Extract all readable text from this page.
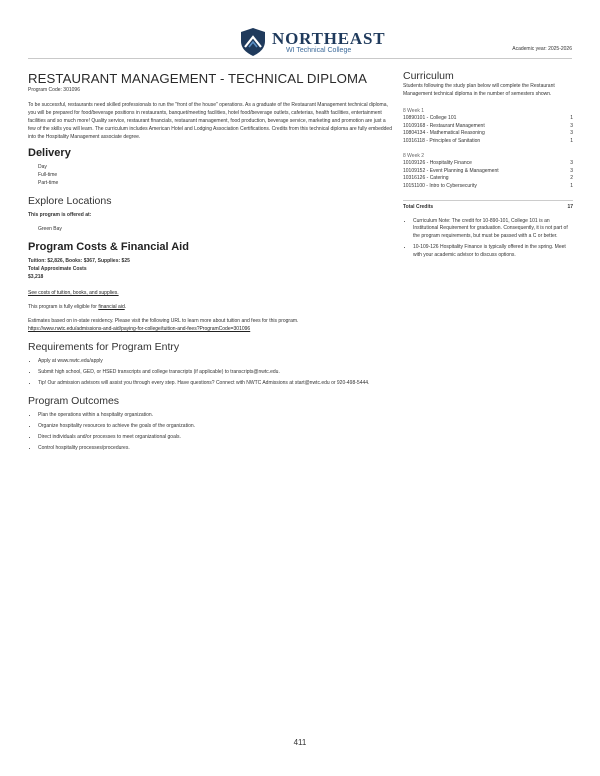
NORTHEAST
WI Technical College	Academic year: 2025-2026
RESTAURANT MANAGEMENT - TECHNICAL DIPLOMA
Program Code: 301096

To be successful, restaurants need skilled professionals to run the "front of the house" operations. As a graduate of the Restaurant Management technical diploma, you will be prepared for food/beverage positions in restaurants, banquet/meeting facilities, hotel food/beverage outlets, cafeterias, health facilities, entertainment facilities and so much more! Quality service, restaurant financials, restaurant management, food production, beverage service, marketing and promotion are just a few of the skills you will learn. The curriculum includes American Hotel and Lodging Association Certifications. Credits from this technical diploma are fully embedded into the Hospitality Management associate degree.

Delivery
Day
Full-time
Part-time
Explore Locations
This program is offered at:
Green Bay
Program Costs & Financial Aid
Tuition: $2,826, Books: $367, Supplies: $25
Total Approximate Costs
$3,218
See costs of tuition, books, and supplies.
This program is fully eligible for financial aid.
Estimates based on in-state residency. Please visit the following URL to learn more about tuition and fees for this program.
https://www.nwtc.edu/admissions-and-aid/paying-for-college/tuition-and-fees?ProgramCode=301096
Requirements for Program Entry
• Apply at www.nwtc.edu/apply
• Submit high school, GED, or HSED transcripts and college transcripts (if applicable) to transcripts@nwtc.edu.
• Tip! Our admission advisors will assist you through every step. Have questions? Connect with NWTC Admissions at start@nwtc.edu or 920-498-5444.
Program Outcomes
• Plan the operations within a hospitality organization.
• Organize hospitality resources to achieve the goals of the organization.
• Direct individuals and/or processes to meet organizational goals.
• Control hospitality processes/procedures.
Curriculum
Students following the study plan below will complete the Restaurant Management technical diploma in the number of semesters shown.
8 Week 1
10890101 - College 101	1
10109168 - Restaurant Management	3
10804134 - Mathematical Reasoning	3
10316118 - Principles of Sanitation	1
8 Week 2
10109126 - Hospitality Finance	3
10109152 - Event Planning & Management	3
10316126 - Catering	2
10151100 - Intro to Cybersecurity	1
Total Credits	17
• Curriculum Note: The credit for 10-890-101, College 101 is an Institutional Requirement for graduation. Consequently, it is not part of the program requirements, but must be passed with a C or better.
• 10-109-126 Hospitality Finance is typically offered in the spring. Meet with your academic advisor to discuss options.
411
